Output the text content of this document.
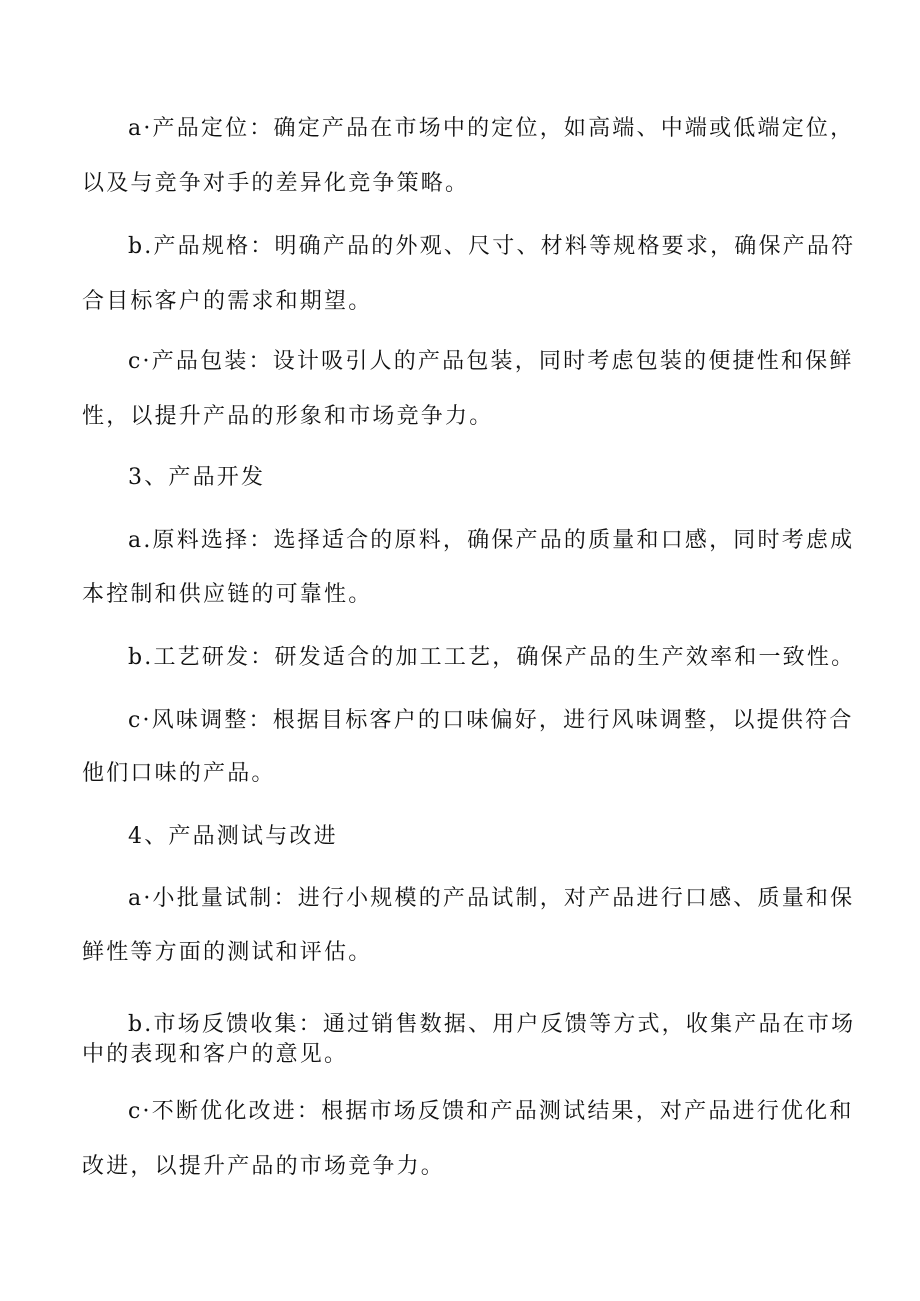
a·产品定位：确定产品在市场中的定位，如高端、中端或低端定位，
以及与竞争对手的差异化竞争策略。
b.产品规格：明确产品的外观、尺寸、材料等规格要求，确保产品符
合目标客户的需求和期望。
c·产品包装：设计吸引人的产品包装，同时考虑包装的便捷性和保鲜
性，以提升产品的形象和市场竞争力。
3、产品开发
a.原料选择：选择适合的原料，确保产品的质量和口感，同时考虑成
本控制和供应链的可靠性。
b.工艺研发：研发适合的加工工艺，确保产品的生产效率和一致性。
c·风味调整：根据目标客户的口味偏好，进行风味调整，以提供符合
他们口味的产品。
4、产品测试与改进
a·小批量试制：进行小规模的产品试制，对产品进行口感、质量和保
鲜性等方面的测试和评估。
b.市场反馈收集：通过销售数据、用户反馈等方式，收集产品在市场
中的表现和客户的意见。
c·不断优化改进：根据市场反馈和产品测试结果，对产品进行优化和
改进，以提升产品的市场竞争力。
